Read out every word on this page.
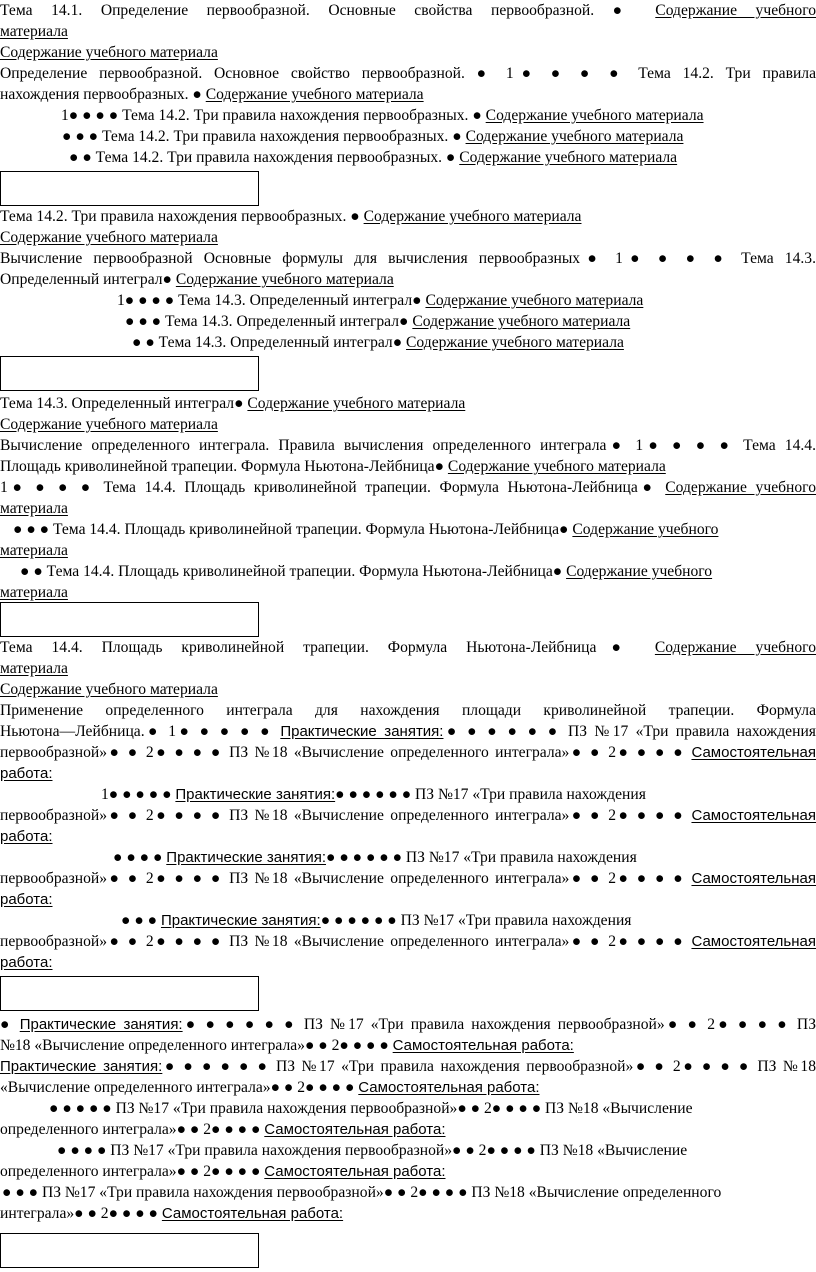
Тема 14.1. Определение первообразной. Основные свойства первообразной. ● Содержание учебного
материала
Содержание учебного материала
Определение первообразной. Основное свойство первообразной. ● 1● ● ● ● Тема 14.2. Три правила
нахождения первообразных. ● Содержание учебного материала
1● ● ● ● Тема 14.2. Три правила нахождения первообразных. ● Содержание учебного материала
● ● ● Тема 14.2. Три правила нахождения первообразных. ● Содержание учебного материала
● ● Тема 14.2. Три правила нахождения первообразных. ● Содержание учебного материала
Тема 14.2. Три правила нахождения первообразных. ● Содержание учебного материала
Содержание учебного материала
Вычисление первообразной Основные формулы для вычисления первообразных● 1● ● ● ● Тема 14.3.
Определенный интеграл● Содержание учебного материала
1● ● ● ● Тема 14.3. Определенный интеграл● Содержание учебного материала
● ● ● Тема 14.3. Определенный интеграл● Содержание учебного материала
● ● Тема 14.3. Определенный интеграл● Содержание учебного материала
Тема 14.3. Определенный интеграл● Содержание учебного материала
Содержание учебного материала
Вычисление определенного интеграла. Правила вычисления определенного интеграла● 1● ● ● ● Тема 14.4.
Площадь криволинейной трапеции. Формула Ньютона-Лейбница● Содержание учебного материала
1● ● ● ● Тема 14.4. Площадь криволинейной трапеции. Формула Ньютона-Лейбница● Содержание учебного
материала
● ● ● Тема 14.4. Площадь криволинейной трапеции. Формула Ньютона-Лейбница● Содержание учебного
материала
● ● Тема 14.4. Площадь криволинейной трапеции. Формула Ньютона-Лейбница● Содержание учебного
материала
Тема 14.4. Площадь криволинейной трапеции. Формула Ньютона-Лейбница● Содержание учебного
материала
Содержание учебного материала
Применение определенного интеграла для нахождения площади криволинейной трапеции. Формула
Ньютона—Лейбница.● 1● ● ● ● ● Практические занятия:● ● ● ● ● ● ПЗ №17 «Три правила нахождения
первообразной»● ● 2● ● ● ● ПЗ №18 «Вычисление определенного интеграла»● ● 2● ● ● ● Самостоятельная
работа:
1● ● ● ● ● Практические занятия:● ● ● ● ● ● ПЗ №17 «Три правила нахождения
первообразной»● ● 2● ● ● ● ПЗ №18 «Вычисление определенного интеграла»● ● 2● ● ● ● Самостоятельная
работа:
● ● ● ● Практические занятия:● ● ● ● ● ● ПЗ №17 «Три правила нахождения
первообразной»● ● 2● ● ● ● ПЗ №18 «Вычисление определенного интеграла»● ● 2● ● ● ● Самостоятельная
работа:
● ● ● Практические занятия:● ● ● ● ● ● ПЗ №17 «Три правила нахождения
первообразной»● ● 2● ● ● ● ПЗ №18 «Вычисление определенного интеграла»● ● 2● ● ● ● Самостоятельная
работа:
● Практические занятия:● ● ● ● ● ● ПЗ №17 «Три правила нахождения первообразной»● ● 2● ● ● ● ПЗ
№18 «Вычисление определенного интеграла»● ● 2● ● ● ● Самостоятельная работа:
Практические занятия:● ● ● ● ● ● ПЗ №17 «Три правила нахождения первообразной»● ● 2● ● ● ● ПЗ №18
«Вычисление определенного интеграла»● ● 2● ● ● ● Самостоятельная работа:
● ● ● ● ● ПЗ №17 «Три правила нахождения первообразной»● ● 2● ● ● ● ПЗ №18 «Вычисление
определенного интеграла»● ● 2● ● ● ● Самостоятельная работа:
● ● ● ● ПЗ №17 «Три правила нахождения первообразной»● ● 2● ● ● ● ПЗ №18 «Вычисление
определенного интеграла»● ● 2● ● ● ● Самостоятельная работа:
● ● ● ПЗ №17 «Три правила нахождения первообразной»● ● 2● ● ● ● ПЗ №18 «Вычисление определенного
интеграла»● ● 2● ● ● ● Самостоятельная работа:
